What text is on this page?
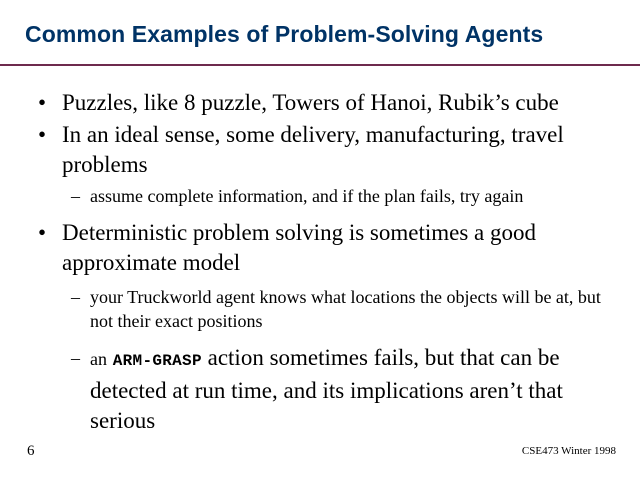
Common Examples of Problem-Solving Agents
• Puzzles, like 8 puzzle, Towers of Hanoi, Rubik’s cube
• In an ideal sense, some delivery, manufacturing, travel problems
– assume complete information, and if the plan fails, try again
• Deterministic problem solving is sometimes a good approximate model
– your Truckworld agent knows what locations the objects will be at, but not their exact positions
– an ARM-GRASP action sometimes fails, but that can be detected at run time, and its implications aren’t that serious
6	CSE473 Winter 1998
